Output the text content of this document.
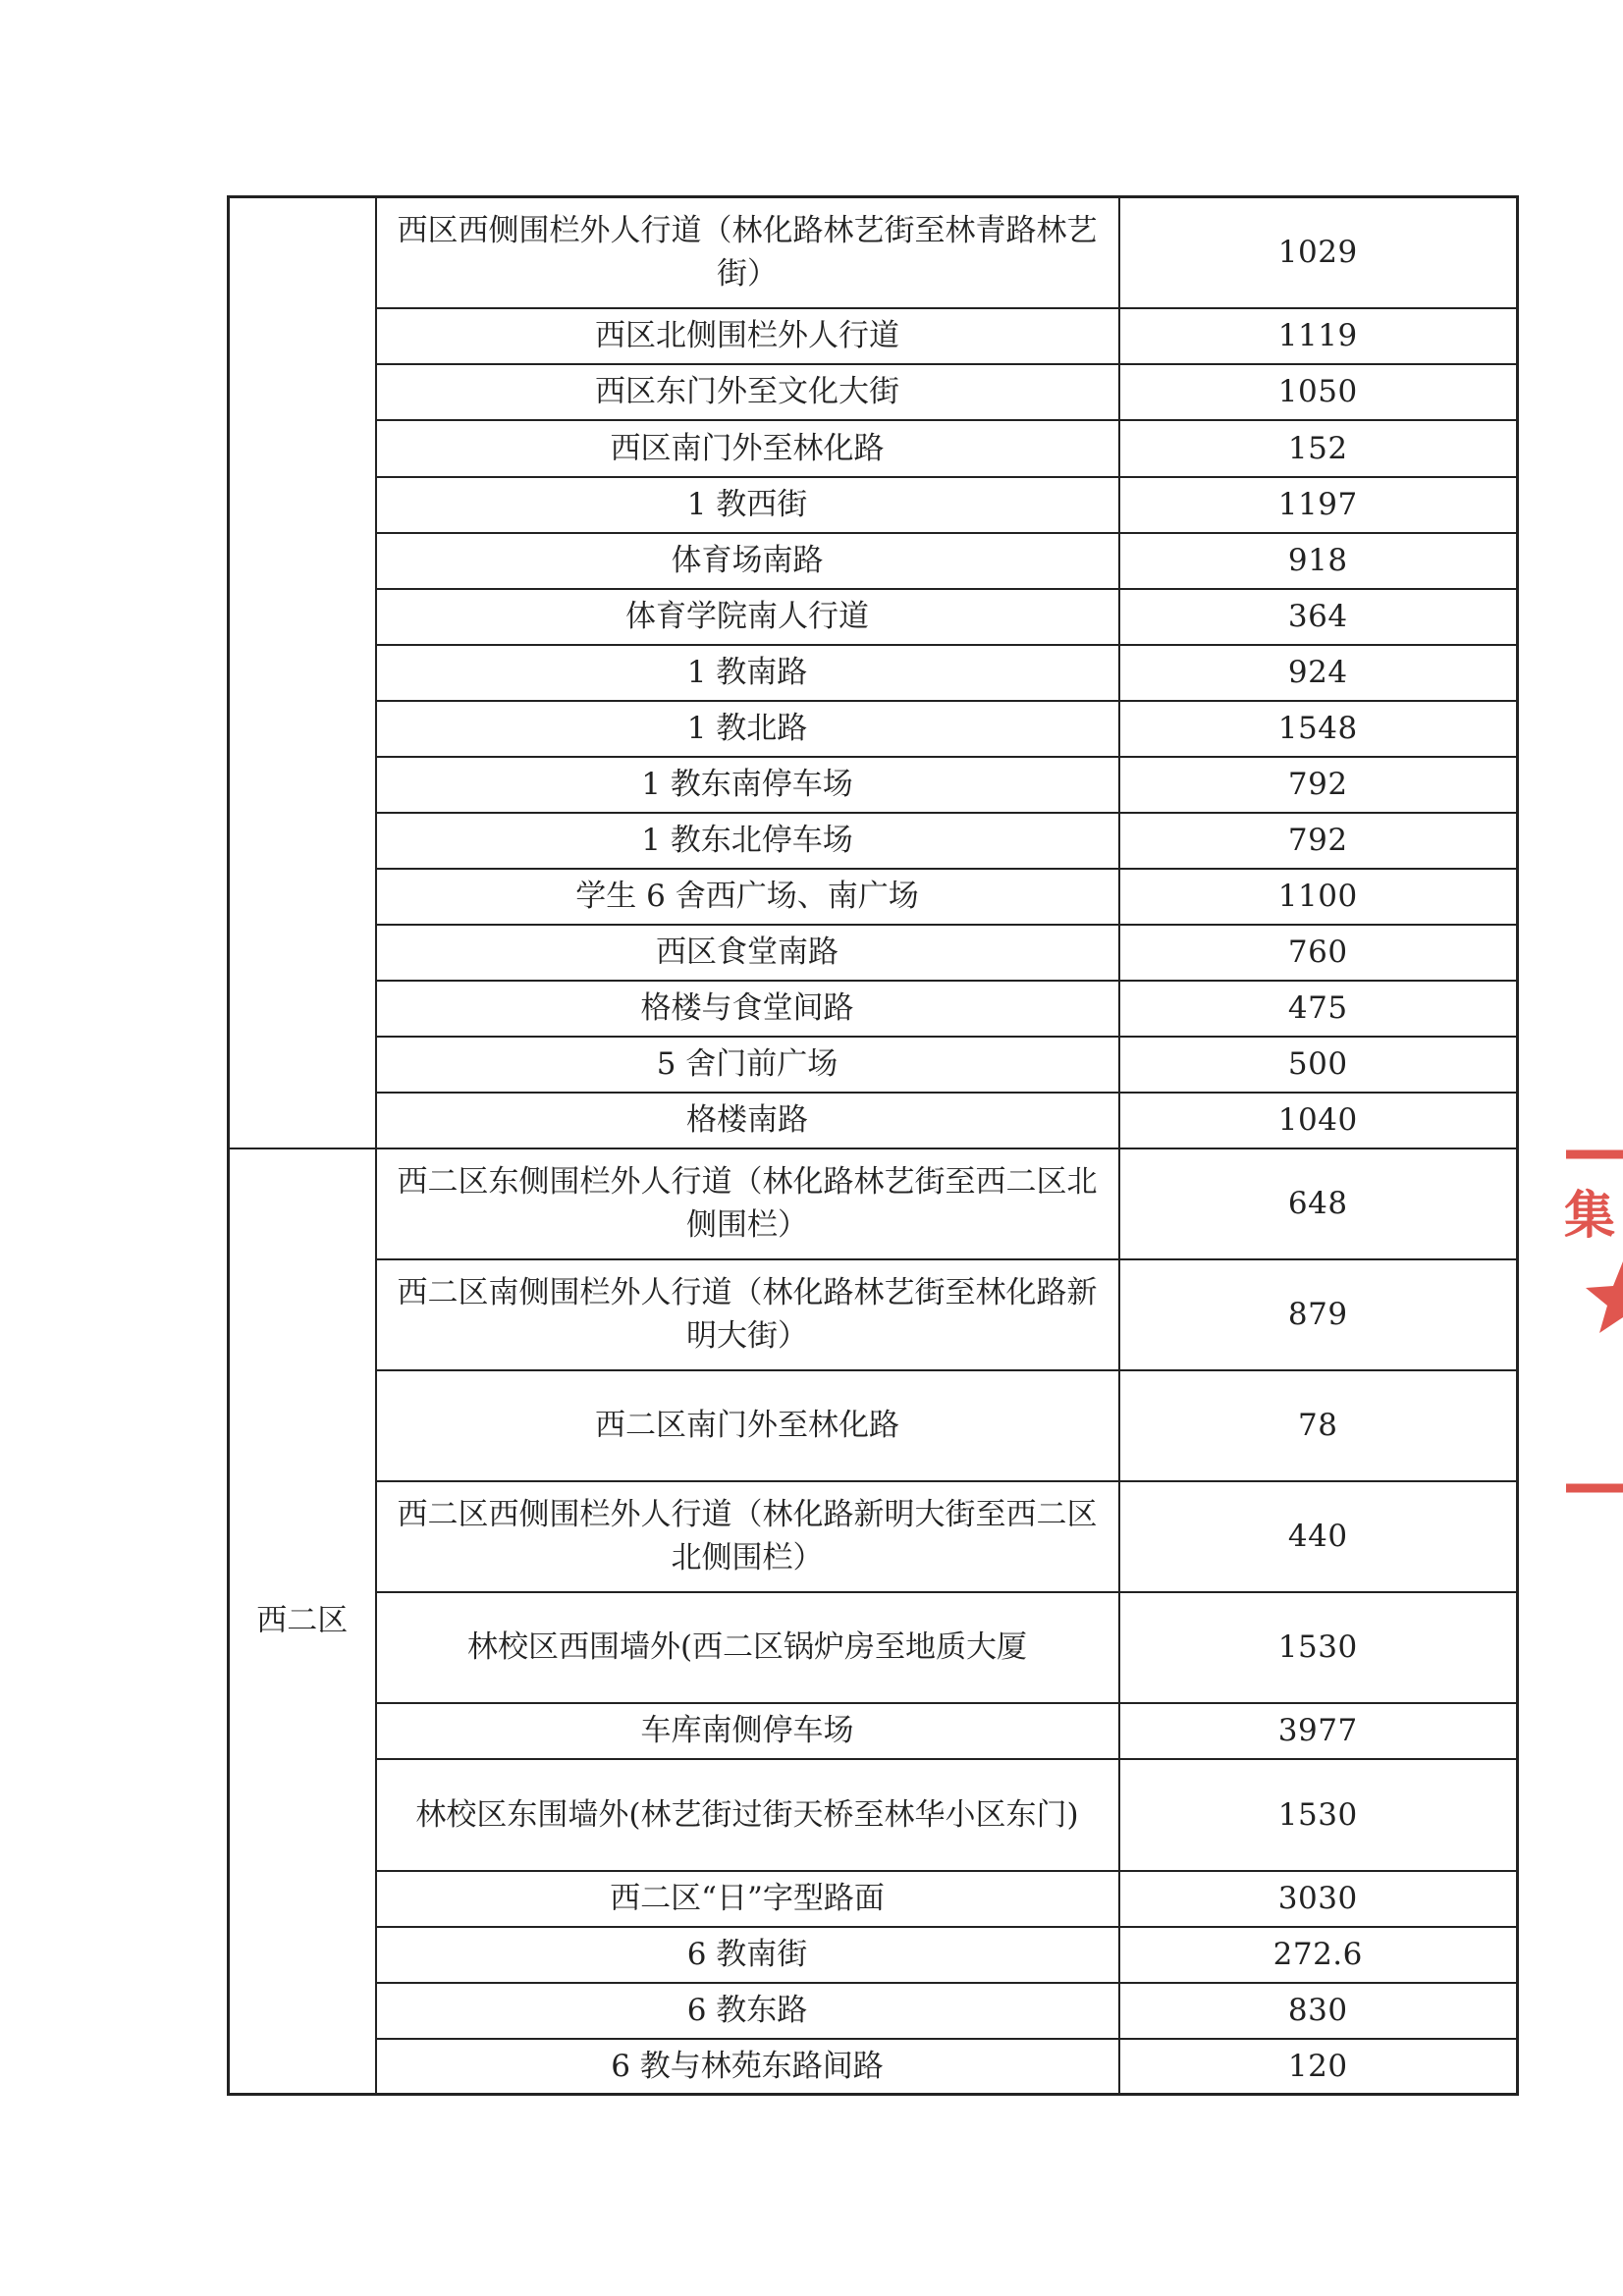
	西区西侧围栏外人行道（林化路林艺街至林青路林艺街）	1029
	西区北侧围栏外人行道	1119
	西区东门外至文化大街	1050
	西区南门外至林化路	152
	1 教西街	1197
	体育场南路	918
	体育学院南人行道	364
	1 教南路	924
	1 教北路	1548
	1 教东南停车场	792
	1 教东北停车场	792
	学生 6 舍西广场、南广场	1100
	西区食堂南路	760
	格楼与食堂间路	475
	5 舍门前广场	500
	格楼南路	1040
西二区	西二区东侧围栏外人行道（林化路林艺街至西二区北侧围栏）	648
	西二区南侧围栏外人行道（林化路林艺街至林化路新明大街）	879
	西二区南门外至林化路	78
	西二区西侧围栏外人行道（林化路新明大街至西二区北侧围栏）	440
	林校区西围墙外(西二区锅炉房至地质大厦	1530
	车库南侧停车场	3977
	林校区东围墙外(林艺街过街天桥至林华小区东门)	1530
	西二区“日”字型路面	3030
	6 教南街	272.6
	6 教东路	830
	6 教与林苑东路间路	120
集
